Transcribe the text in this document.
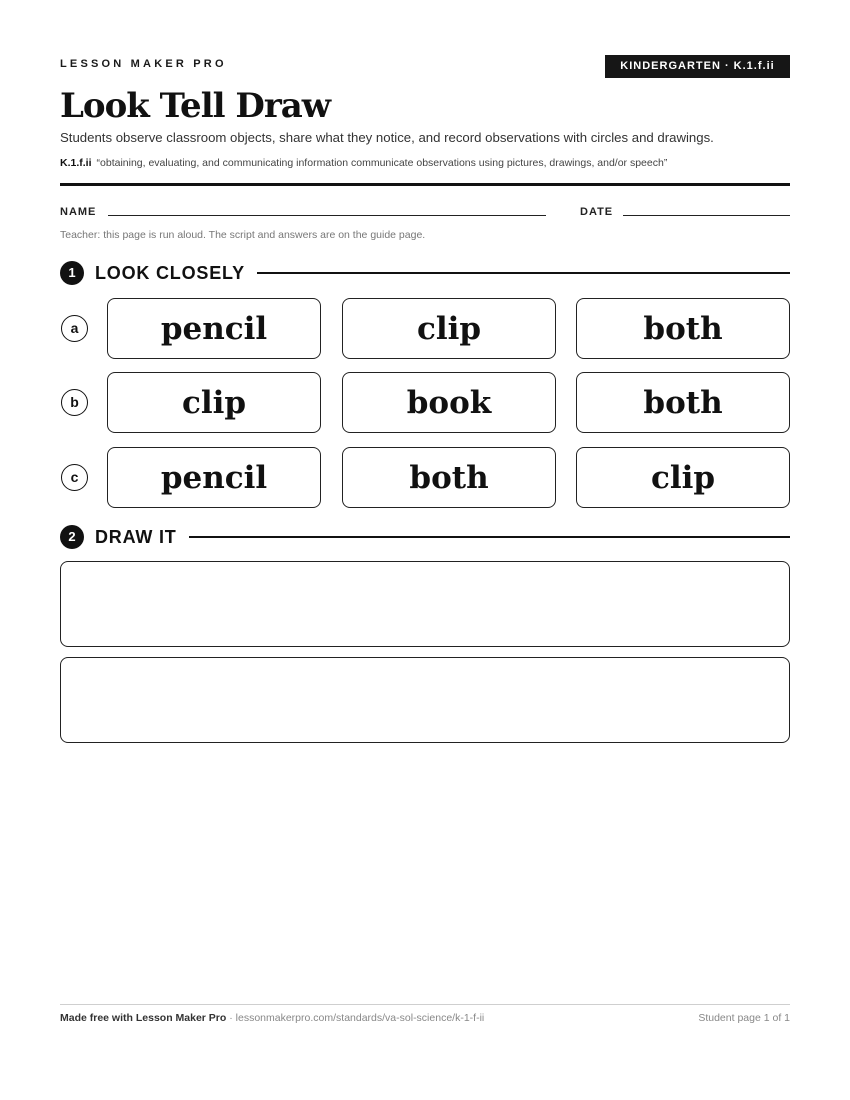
LESSON MAKER PRO	KINDERGARTEN · K.1.f.ii
Look Tell Draw

Students observe classroom objects, share what they notice, and record observations with circles and drawings.

K.1.f.ii “obtaining, evaluating, and communicating information communicate observations using pictures, drawings, and/or speech”

NAME	DATE

Teacher: this page is run aloud. The script and answers are on the guide page.

1	LOOK CLOSELY
a	pencil	clip	both
b	clip	book	both
c	pencil	both	clip
2	DRAW IT

Made free with Lesson Maker Pro · lessonmakerpro.com/standards/va-sol-science/k-1-f-ii	Student page 1 of 1
